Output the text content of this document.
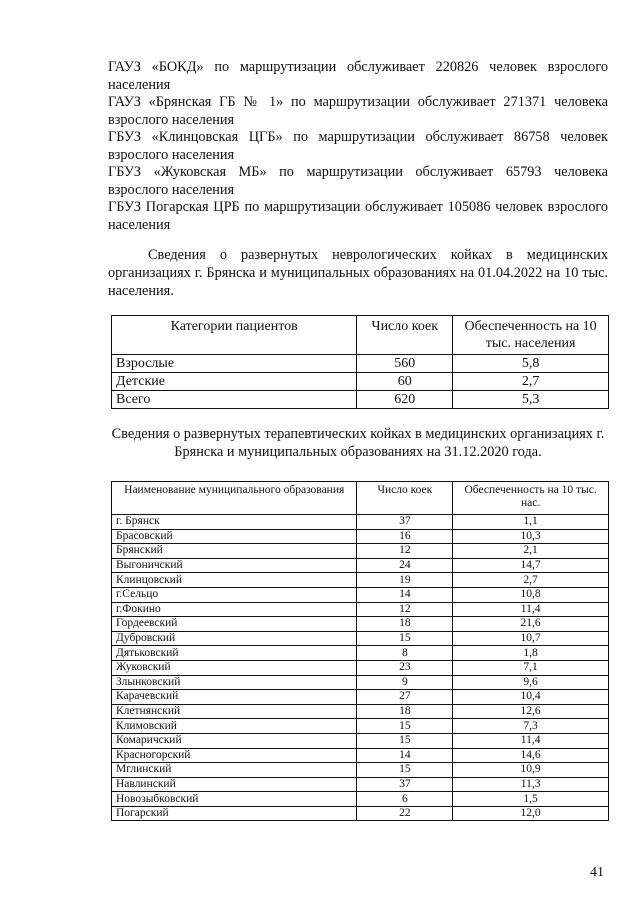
ГАУЗ «БОКД» по маршрутизации обслуживает 220826 человек взрослого населения

ГАУЗ «Брянская ГБ № 1» по маршрутизации обслуживает 271371 человека взрослого населения

ГБУЗ «Клинцовская ЦГБ» по маршрутизации обслуживает 86758 человек взрослого населения

ГБУЗ «Жуковская МБ» по маршрутизации обслуживает 65793 человека взрослого населения

ГБУЗ Погарская ЦРБ по маршрутизации обслуживает 105086 человек взрослого населения

Сведения о развернутых неврологических койках в медицинских организациях г. Брянска и муниципальных образованиях на 01.04.2022 на 10 тыс. населения.

Категории пациентов	Число коек	Обеспеченность на 10 тыс. населения
Взрослые	560	5,8
Детские	60	2,7
Всего	620	5,3

Сведения о развернутых терапевтических койках в медицинских организациях г. Брянска и муниципальных образованиях на 31.12.2020 года.

Наименование муниципального образования	Число коек	Обеспеченность на 10 тыс. нас.
г. Брянск	37	1,1
Брасовский	16	10,3
Брянский	12	2,1
Выгоничский	24	14,7
Клинцовский	19	2,7
г.Сельцо	14	10,8
г.Фокино	12	11,4
Гордеевский	18	21,6
Дубровский	15	10,7
Дятьковский	8	1,8
Жуковский	23	7,1
Злынковский	9	9,6
Карачевский	27	10,4
Клетнянский	18	12,6
Климовский	15	7,3
Комаричский	15	11,4
Красногорский	14	14,6
Мглинский	15	10,9
Навлинский	37	11,3
Новозыбковский	6	1,5
Погарский	22	12,0
41
